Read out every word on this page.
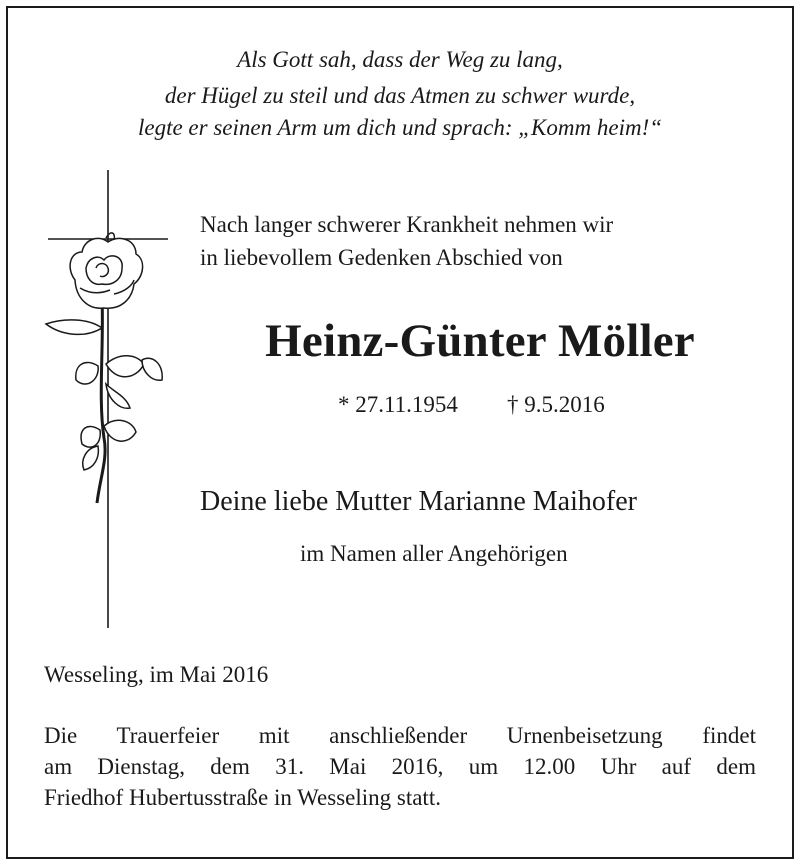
Als Gott sah, dass der Weg zu lang,
der Hügel zu steil und das Atmen zu schwer wurde,
legte er seinen Arm um dich und sprach: „Komm heim!“
Nach langer schwerer Krankheit nehmen wir
in liebevollem Gedenken Abschied von
Heinz-Günter Möller
* 27.11.1954 † 9.5.2016
Deine liebe Mutter Marianne Maihofer
im Namen aller Angehörigen
Wesseling, im Mai 2016
Die Trauerfeier mit anschließender Urnenbeisetzung findet
am Dienstag, dem 31. Mai 2016, um 12.00 Uhr auf dem
Friedhof Hubertusstraße in Wesseling statt.
